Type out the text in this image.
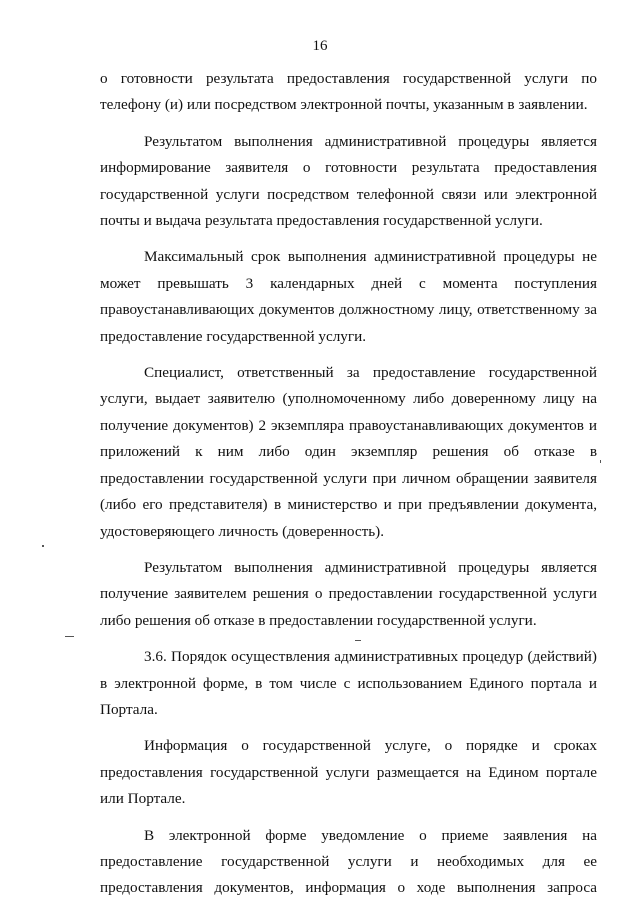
16

о готовности результата предоставления государственной услуги по телефону (и) или посредством электронной почты, указанным в заявлении.

Результатом выполнения административной процедуры является информирование заявителя о готовности результата предоставления государственной услуги посредством телефонной связи или электронной почты и выдача результата предоставления государственной услуги.

Максимальный срок выполнения административной процедуры не может превышать 3 календарных дней с момента поступления правоустанавливающих документов должностному лицу, ответственному за предоставление государственной услуги.

Специалист, ответственный за предоставление государственной услуги, выдает заявителю (уполномоченному либо доверенному лицу на получение документов) 2 экземпляра правоустанавливающих документов и приложений к ним либо один экземпляр решения об отказе в предоставлении государственной услуги при личном обращении заявителя (либо его представителя) в министерство и при предъявлении документа, удостоверяющего личность (доверенность).

Результатом выполнения административной процедуры является получение заявителем решения о предоставлении государственной услуги либо решения об отказе в предоставлении государственной услуги.

3.6. Порядок осуществления административных процедур (действий) в электронной форме, в том числе с использованием Единого портала и Портала.

Информация о государственной услуге, о порядке и сроках предоставления государственной услуги размещается на Едином портале или Портале.

В электронной форме уведомление о приеме заявления на предоставление государственной услуги и необходимых для ее предоставления документов, информация о ходе выполнения запроса
